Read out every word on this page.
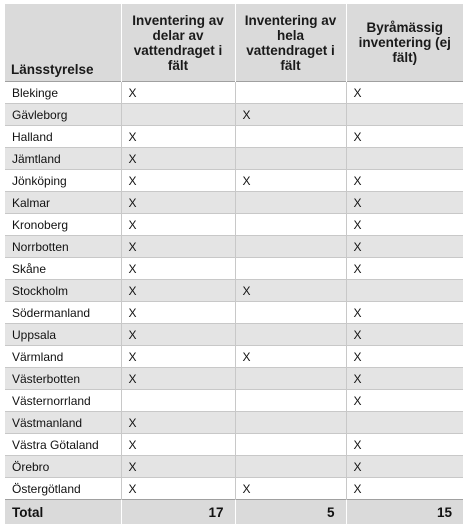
Länsstyrelse	Inventering av delar av vattendraget i fält	Inventering av hela vattendraget i fält	Byråmässig inventering (ej fält)
Blekinge	X		X
Gävleborg		X	
Halland	X		X
Jämtland	X		
Jönköping	X	X	X
Kalmar	X		X
Kronoberg	X		X
Norrbotten	X		X
Skåne	X		X
Stockholm	X	X	
Södermanland	X		X
Uppsala	X		X
Värmland	X	X	X
Västerbotten	X		X
Västernorrland			X
Västmanland	X		
Västra Götaland	X		X
Örebro	X		X
Östergötland	X	X	X
Total	17	5	15
